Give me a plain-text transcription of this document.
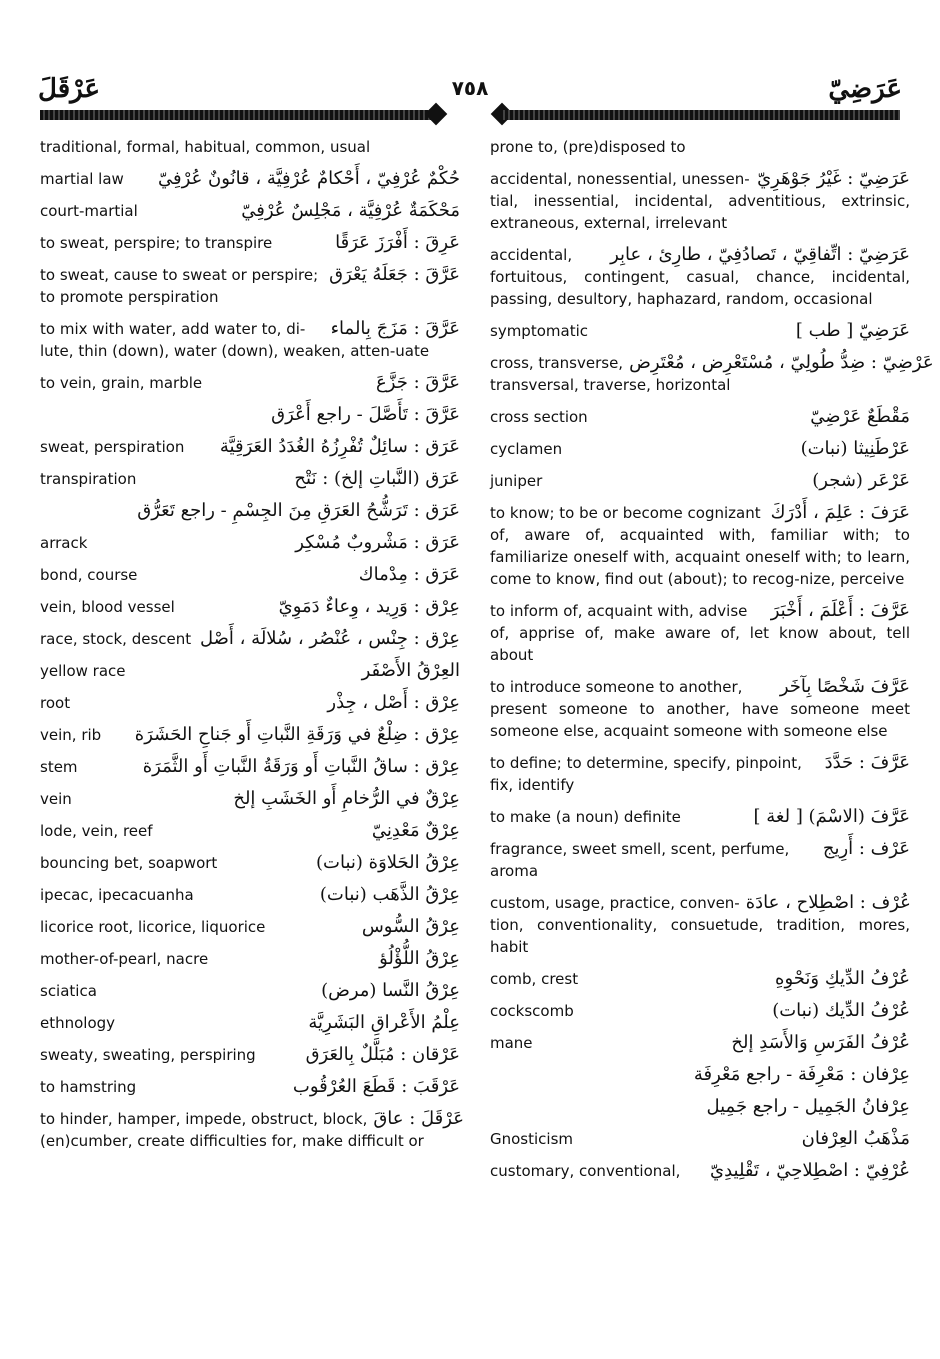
عَرْقَلَ	٧٥٨	عَرَضِيّ
traditional, formal, habitual, common, usual
martial law حُكْمٌ عُرْفِيّ ، أَحْكامٌ عُرْفِيَّة ، قانُونٌ عُرْفِيّ
court-martial	مَحْكَمَةٌ عُرْفِيَّة ، مَجْلِسٌ عُرْفِيّ
to sweat, perspire; to transpire	عَرِقَ : أَفْرَزَ عَرَقًا
to sweat, cause to sweat or perspire; عَرَّقَ : جَعَلَهُ يَعْرَق
to promote perspiration
to mix with water, add water to, di- عَرَّقَ : مَزَجَ بِالماء
lute, thin (down), water (down), weaken, atten-uate
to vein, grain, marble	عَرَّقَ : جَزَّعَ
عَرَّقَ : تَأَصَّلَ - راجع أَعْرَق
sweat, perspiration عَرَق : سائِلٌ تُفْرِزُهُ الغُدَدُ العَرَقِيَّة
transpiration	عَرَق (النَّباتِ إلخ) : نَتْح
عَرَق : تَرَشُّحُ العَرَقِ مِنَ الجِسْمِ - راجع تَعَرُّق
arrack	عَرَق : مَشْروبٌ مُسْكِر
bond, course	عَرَق : مِدْماك
vein, blood vessel	عِرْق : وَرِيد ، وِعاءٌ دَمَوِيّ
race, stock, descent عِرْق : جِنْس ، عُنْصُر ، سُلالَة ، أَصْل
yellow race	العِرْقُ الأَصْفَر
root	عِرْق : أَصْل ، جِذْر
vein, rib عِرْق : ضِلْعٌ في وَرَقَةِ النَّباتِ أَو جَناحِ الحَشَرَة
stem	عِرْق : ساقُ النَّباتِ أَو وَرَقَةُ النَّباتِ أَو الثَّمَرَة
vein	عِرْقٌ في الرُّخامِ أَو الخَشَبِ إلخ
lode, vein, reef	عِرْقٌ مَعْدِنِيّ
bouncing bet, soapwort	عِرْقُ الحَلاوَة (نبات)
ipecac, ipecacuanha	عِرْقُ الذَّهَب (نبات)
licorice root, licorice, liquorice	عِرْقُ السُّوس
mother-of-pearl, nacre	عِرْقُ اللُّؤْلُؤ
sciatica	عِرْقُ النَّسا (مرض)
ethnology	عِلْمُ الأَعْراقِ البَشَرِيَّة
sweaty, sweating, perspiring	عَرْقان : مُبَلَّلٌ بِالعَرَق
to hamstring	عَرْقَبَ : قَطَعَ العُرْقُوب
to hinder, hamper, impede, obstruct, block, عَرْقَلَ : عاقَ
(en)cumber, create difficulties for, make difficult or
prone to, (pre)disposed to
accidental, nonessential, unessen- عَرَضِيّ : غَيْرُ جَوْهَرِيّ
tial, inessential, incidental, adventitious, extrinsic, extraneous, external, irrelevant
accidental, عَرَضِيّ : اتِّفاقِيّ ، تَصادُفِيّ ، طارِئ ، عابِر
fortuitous, contingent, casual, chance, incidental, passing, desultory, haphazard, random, occasional
symptomatic	عَرَضِيّ [ طب ]
cross, transverse, عَرْضِيّ : ضِدُّ طُولِيّ ، مُسْتَعْرِض ، مُعْتَرِض
transversal, traverse, horizontal
cross section	مَقْطَعٌ عَرْضِيّ
cyclamen	عَرْطَنِيثا (نبات)
juniper	عَرْعَر (شجر)
to know; to be or become cognizant عَرَفَ : عَلِمَ ، أَدْرَكَ
of, aware of, acquainted with, familiar with; to familiarize oneself with, acquaint oneself with; to learn, come to know, find out (about); to recog-nize, perceive
to inform of, acquaint with, advise عَرَّفَ : أَعْلَمَ ، أَخْبَرَ
of, apprise of, make aware of, let know about, tell about
to introduce someone to another, عَرَّفَ شَخْصًا بِآخَر
present someone to another, have someone meet someone else, acquaint someone with someone else
to define; to determine, specify, pinpoint, عَرَّفَ : حَدَّدَ
fix, identify
to make (a noun) definite	عَرَّفَ (الاسْمَ) [ لغة ]
fragrance, sweet smell, scent, perfume, عَرْف : أَرِيج
aroma
custom, usage, practice, conven- عُرْف : اصْطِلاح ، عادَة
tion, conventionality, consuetude, tradition, mores, habit
comb, crest	عُرْفُ الدِّيكِ وَنَحْوِهِ
cockscomb	عُرْفُ الدِّيك (نبات)
mane	عُرْفُ الفَرَسِ وَالأَسَدِ إلخ
عِرْفان : مَعْرِفَة - راجع مَعْرِفَة
عِرْفانُ الجَمِيل - راجع جَمِيل
Gnosticism	مَذْهَبُ العِرْفان
customary, conventional, عُرْفِيّ : اصْطِلاحِيّ ، تَقْلِيدِيّ
